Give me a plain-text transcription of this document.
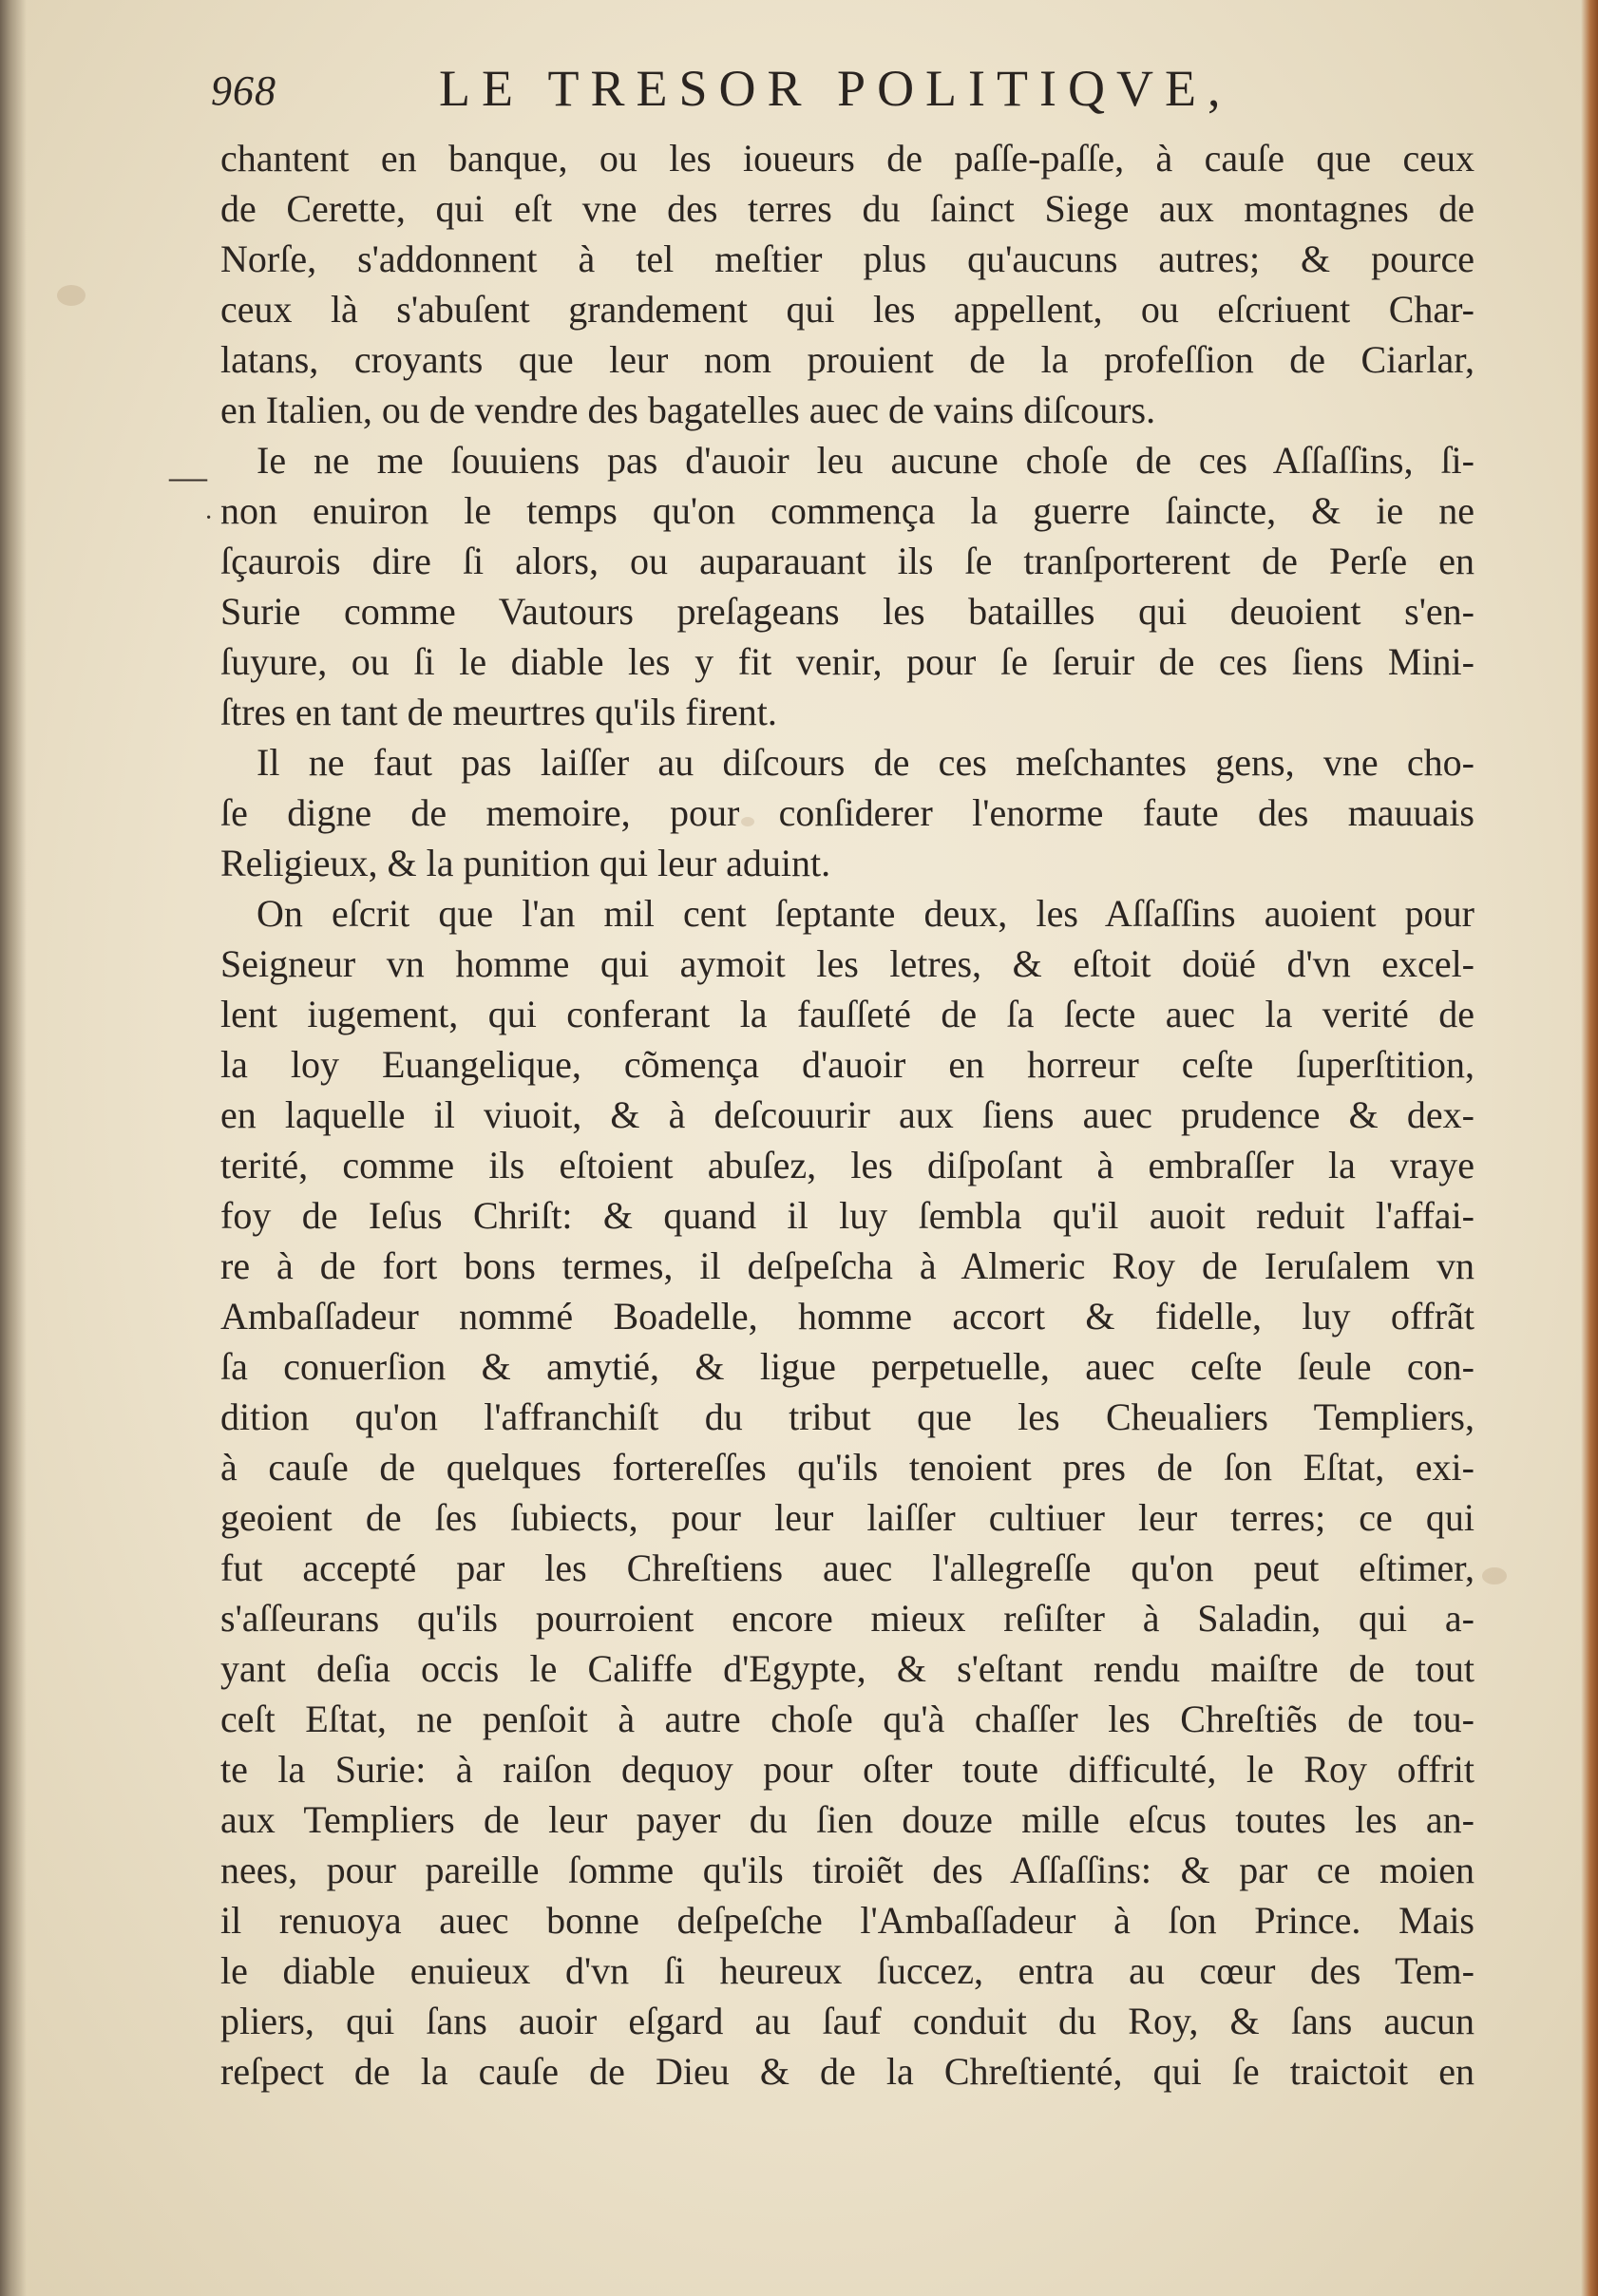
968	LE TRESOR POLITIQVE,
—
·
chantent en banque, ou les ioueurs de paſſe-paſſe, à cauſe que ceux
de Cerette, qui eſt vne des terres du ſainct Siege aux montagnes de
Norſe, s'addonnent à tel meſtier plus qu'aucuns autres; & pource
ceux là s'abuſent grandement qui les appellent, ou eſcriuent Char-
latans, croyants que leur nom prouient de la profeſſion de Ciarlar,
en Italien, ou de vendre des bagatelles auec de vains diſcours.
Ie ne me ſouuiens pas d'auoir leu aucune choſe de ces Aſſaſſins, ſi-
non enuiron le temps qu'on commença la guerre ſaincte, & ie ne
ſçaurois dire ſi alors, ou auparauant ils ſe tranſporterent de Perſe en
Surie comme Vautours preſageans les batailles qui deuoient s'en-
ſuyure, ou ſi le diable les y fit venir, pour ſe ſeruir de ces ſiens Mini-
ſtres en tant de meurtres qu'ils firent.
Il ne faut pas laiſſer au diſcours de ces meſchantes gens, vne cho-
ſe digne de memoire, pour conſiderer l'enorme faute des mauuais
Religieux, & la punition qui leur aduint.
On eſcrit que l'an mil cent ſeptante deux, les Aſſaſſins auoient pour
Seigneur vn homme qui aymoit les letres, & eſtoit doüé d'vn excel-
lent iugement, qui conferant la fauſſeté de ſa ſecte auec la verité de
la loy Euangelique, cõmença d'auoir en horreur ceſte ſuperſtition,
en laquelle il viuoit, & à deſcouurir aux ſiens auec prudence & dex-
terité, comme ils eſtoient abuſez, les diſpoſant à embraſſer la vraye
foy de Ieſus Chriſt: & quand il luy ſembla qu'il auoit reduit l'affai-
re à de fort bons termes, il deſpeſcha à Almeric Roy de Ieruſalem vn
Ambaſſadeur nommé Boadelle, homme accort & fidelle, luy offrãt
ſa conuerſion & amytié, & ligue perpetuelle, auec ceſte ſeule con-
dition qu'on l'affranchiſt du tribut que les Cheualiers Templiers,
à cauſe de quelques fortereſſes qu'ils tenoient pres de ſon Eſtat, exi-
geoient de ſes ſubiects, pour leur laiſſer cultiuer leur terres; ce qui
fut accepté par les Chreſtiens auec l'allegreſſe qu'on peut eſtimer,
s'aſſeurans qu'ils pourroient encore mieux reſiſter à Saladin, qui a-
yant deſia occis le Califfe d'Egypte, & s'eſtant rendu maiſtre de tout
ceſt Eſtat, ne penſoit à autre choſe qu'à chaſſer les Chreſtiẽs de tou-
te la Surie: à raiſon dequoy pour oſter toute difficulté, le Roy offrit
aux Templiers de leur payer du ſien douze mille eſcus toutes les an-
nees, pour pareille ſomme qu'ils tiroiẽt des Aſſaſſins: & par ce moien
il renuoya auec bonne deſpeſche l'Ambaſſadeur à ſon Prince. Mais
le diable enuieux d'vn ſi heureux ſuccez, entra au cœur des Tem-
pliers, qui ſans auoir eſgard au ſauf conduit du Roy, & ſans aucun
reſpect de la cauſe de Dieu & de la Chreſtienté, qui ſe traictoit en
